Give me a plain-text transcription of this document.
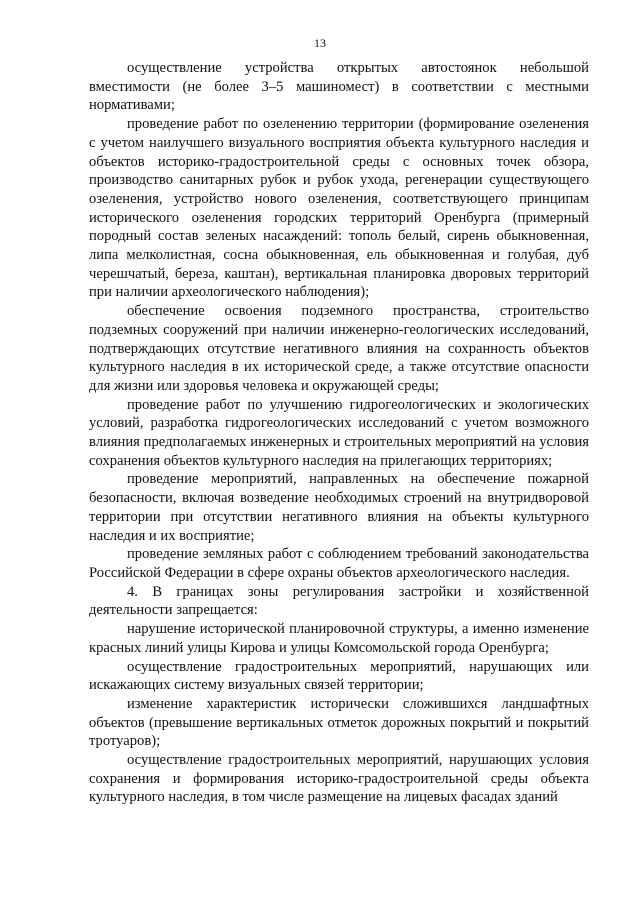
13

осуществление устройства открытых автостоянок небольшой вместимости (не более 3–5 машиномест) в соответствии с местными нормативами;

проведение работ по озеленению территории (формирование озеленения с учетом наилучшего визуального восприятия объекта культурного наследия и объектов историко-градостроительной среды с основных точек обзора, производство санитарных рубок и рубок ухода, регенерации существующего озеленения, устройство нового озеленения, соответствующего принципам исторического озеленения городских территорий Оренбурга (примерный породный состав зеленых насаждений: тополь белый, сирень обыкновенная, липа мелколистная, сосна обыкновенная, ель обыкновенная и голубая, дуб черешчатый, береза, каштан), вертикальная планировка дворовых территорий при наличии археологического наблюдения);

обеспечение освоения подземного пространства, строительство подземных сооружений при наличии инженерно-геологических исследований, подтверждающих отсутствие негативного влияния на сохранность объектов культурного наследия в их исторической среде, а также отсутствие опасности для жизни или здоровья человека и окружающей среды;

проведение работ по улучшению гидрогеологических и экологических условий, разработка гидрогеологических исследований с учетом возможного влияния предполагаемых инженерных и строительных мероприятий на условия сохранения объектов культурного наследия на прилегающих территориях;

проведение мероприятий, направленных на обеспечение пожарной безопасности, включая возведение необходимых строений на внутридворовой территории при отсутствии негативного влияния на объекты культурного наследия и их восприятие;

проведение земляных работ с соблюдением требований законодательства Российской Федерации в сфере охраны объектов археологического наследия.

4. В границах зоны регулирования застройки и хозяйственной деятельности запрещается:

нарушение исторической планировочной структуры, а именно изменение красных линий улицы Кирова и улицы Комсомольской города Оренбурга;

осуществление градостроительных мероприятий, нарушающих или искажающих систему визуальных связей территории;

изменение характеристик исторически сложившихся ландшафтных объектов (превышение вертикальных отметок дорожных покрытий и покрытий тротуаров);

осуществление градостроительных мероприятий, нарушающих условия сохранения и формирования историко-градостроительной среды объекта культурного наследия, в том числе размещение на лицевых фасадах зданий
